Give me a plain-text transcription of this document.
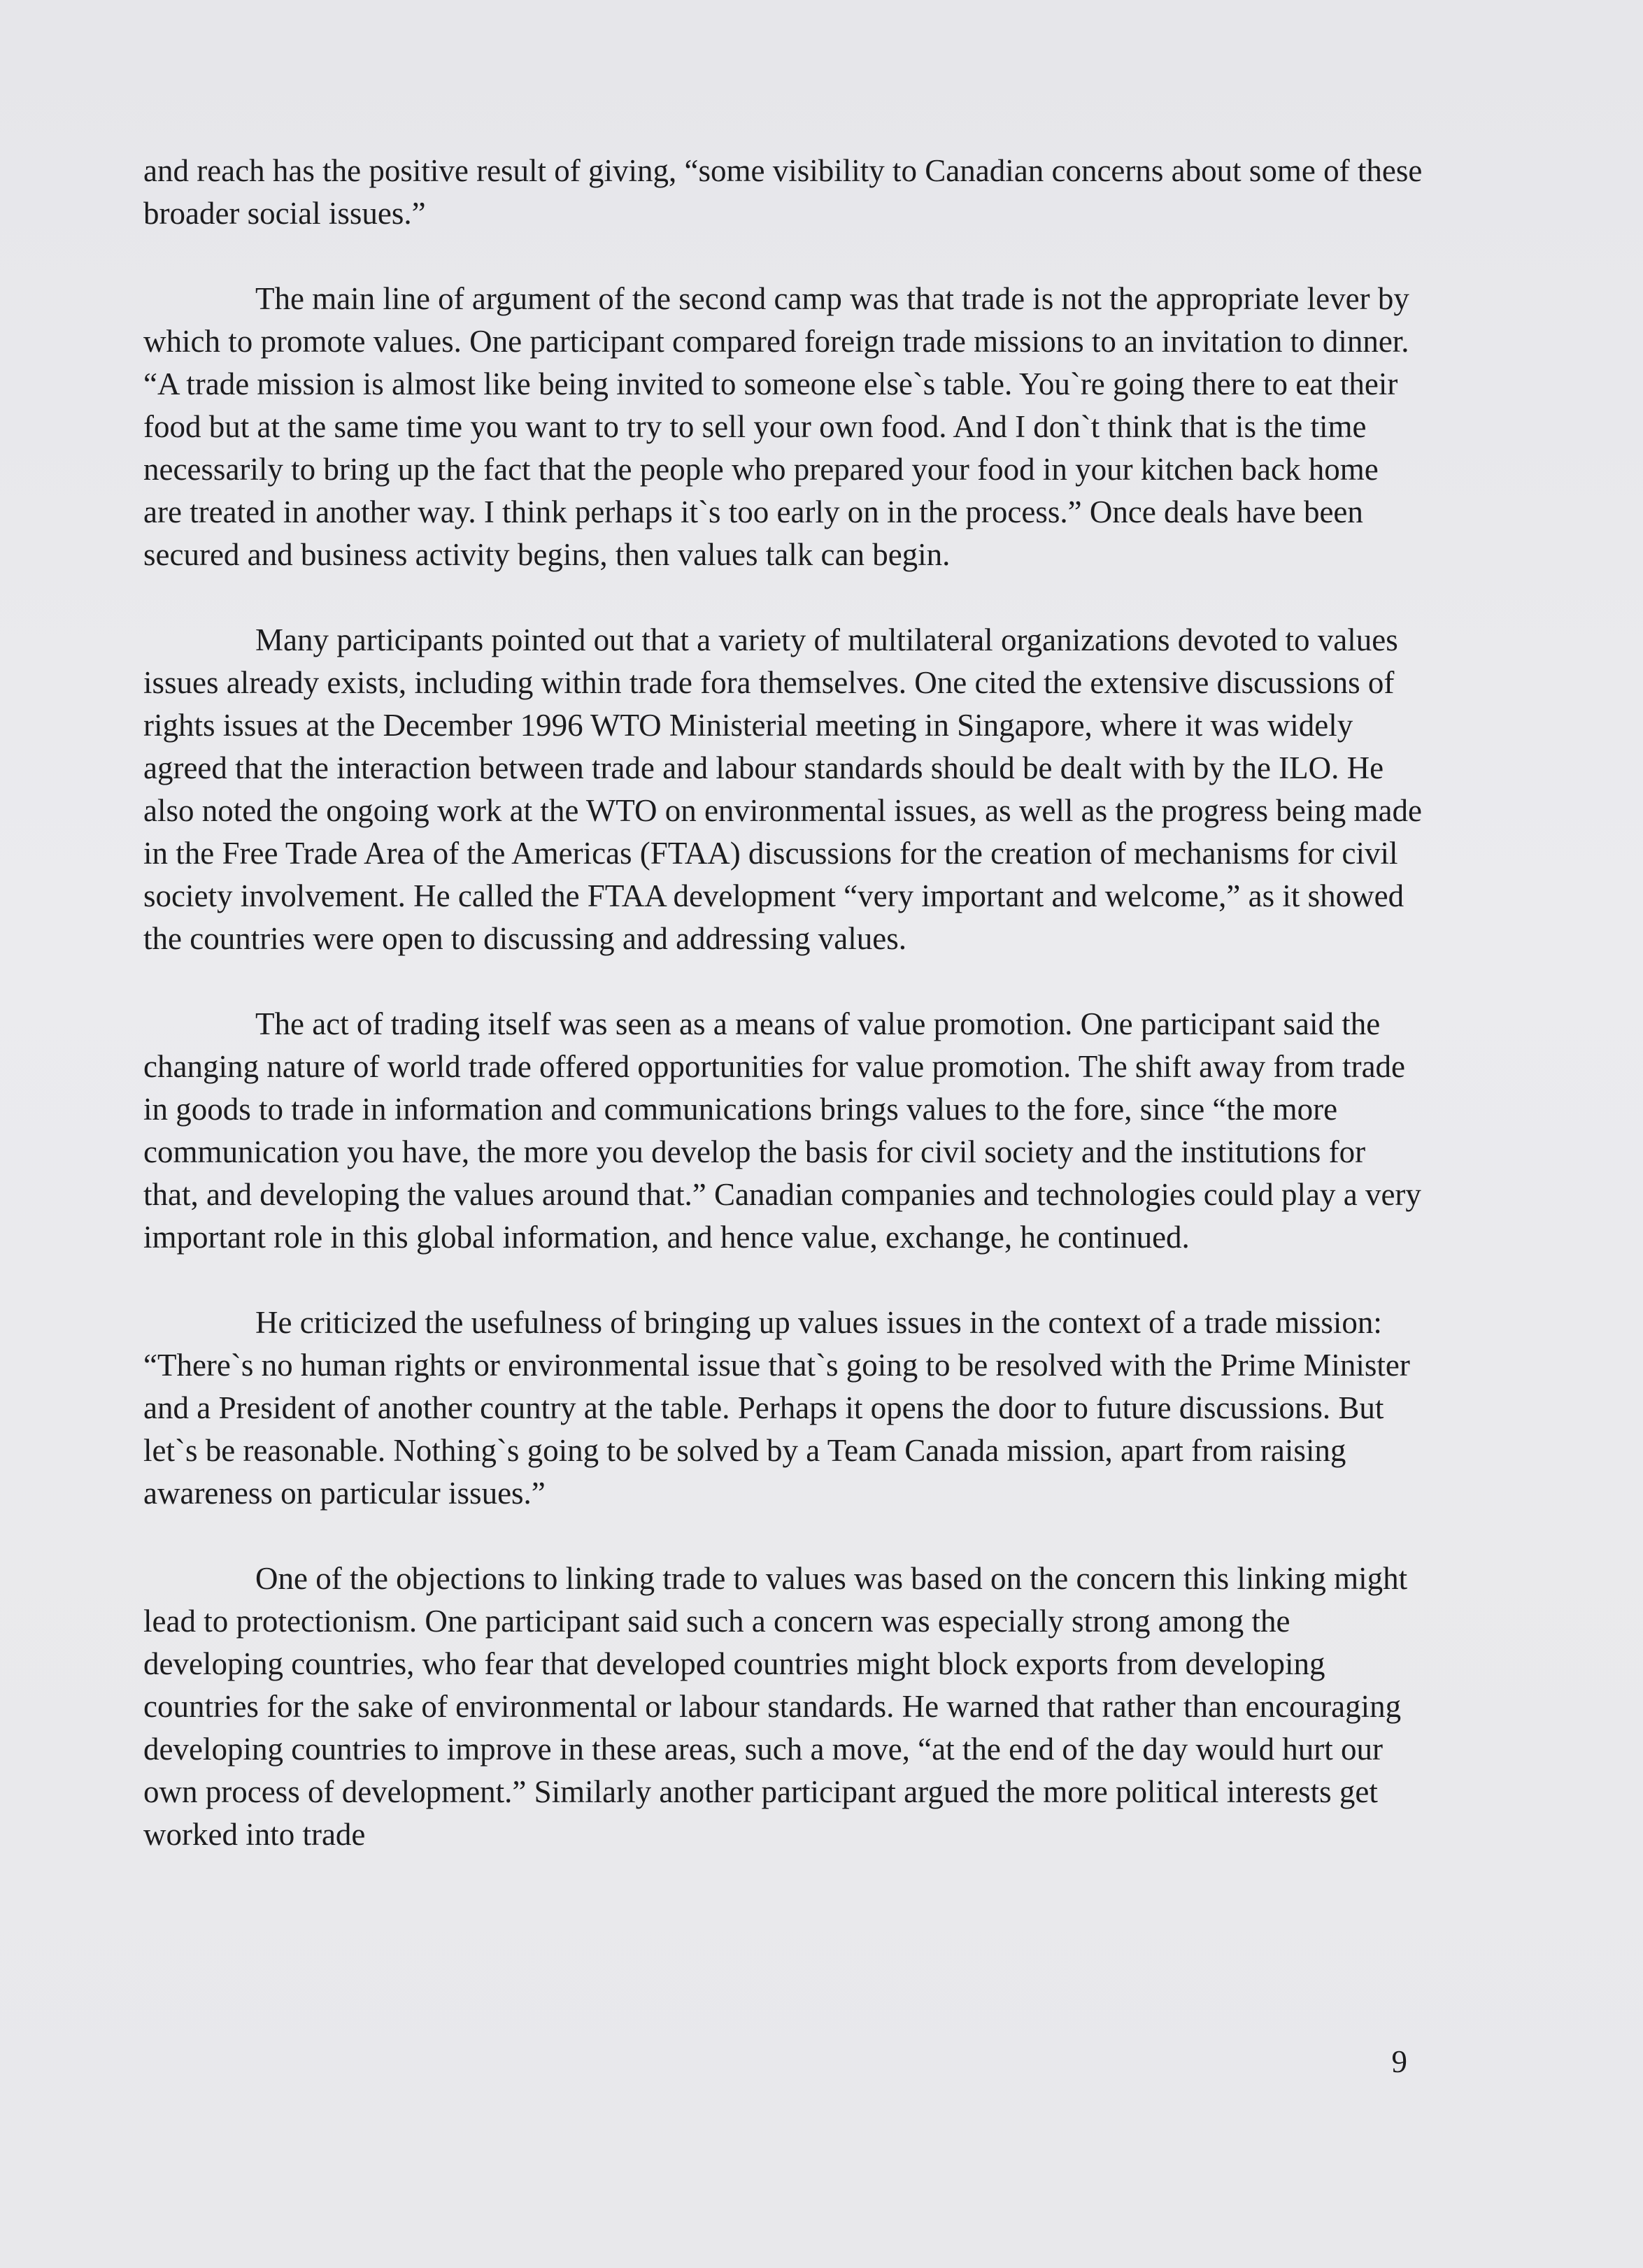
and reach has the positive result of giving, “some visibility to Canadian concerns about some of these broader social issues.”

The main line of argument of the second camp was that trade is not the appropriate lever by which to promote values. One participant compared foreign trade missions to an invitation to dinner. “A trade mission is almost like being invited to someone else`s table. You`re going there to eat their food but at the same time you want to try to sell your own food. And I don`t think that is the time necessarily to bring up the fact that the people who prepared your food in your kitchen back home are treated in another way. I think perhaps it`s too early on in the process.” Once deals have been secured and business activity begins, then values talk can begin.

Many participants pointed out that a variety of multilateral organizations devoted to values issues already exists, including within trade fora themselves. One cited the extensive discussions of rights issues at the December 1996 WTO Ministerial meeting in Singapore, where it was widely agreed that the interaction between trade and labour standards should be dealt with by the ILO. He also noted the ongoing work at the WTO on environmental issues, as well as the progress being made in the Free Trade Area of the Americas (FTAA) discussions for the creation of mechanisms for civil society involvement. He called the FTAA development “very important and welcome,” as it showed the countries were open to discussing and addressing values.

The act of trading itself was seen as a means of value promotion. One participant said the changing nature of world trade offered opportunities for value promotion. The shift away from trade in goods to trade in information and communications brings values to the fore, since “the more communication you have, the more you develop the basis for civil society and the institutions for that, and developing the values around that.” Canadian companies and technologies could play a very important role in this global information, and hence value, exchange, he continued.

He criticized the usefulness of bringing up values issues in the context of a trade mission: “There`s no human rights or environmental issue that`s going to be resolved with the Prime Minister and a President of another country at the table. Perhaps it opens the door to future discussions. But let`s be reasonable. Nothing`s going to be solved by a Team Canada mission, apart from raising awareness on particular issues.”

One of the objections to linking trade to values was based on the concern this linking might lead to protectionism. One participant said such a concern was especially strong among the developing countries, who fear that developed countries might block exports from developing countries for the sake of environmental or labour standards. He warned that rather than encouraging developing countries to improve in these areas, such a move, “at the end of the day would hurt our own process of development.” Similarly another participant argued the more political interests get worked into trade

9
